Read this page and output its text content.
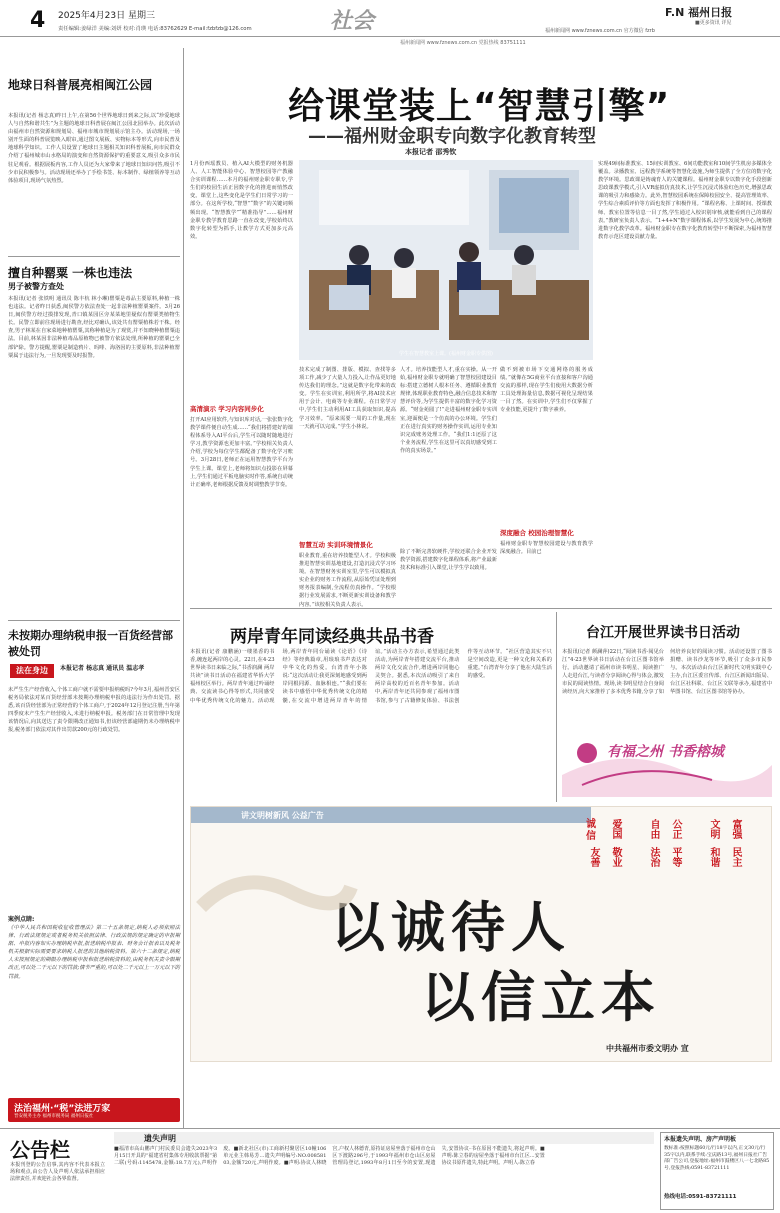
4 2025年4月23日 星期三
责任编辑:姜绿洋 美编:刘妍 校对:肖瑛 电话:83762629 E-mail:fzbfzb@126.com	社会	F.N 福州日报
■更多资讯 详见
福州新闻网 www.fznews.com.cn 官方微信 fzrb
福州新闻网 www.fznews.com.cn 党报热线 83751111
地球日科普展亮相闽江公园
本报讯(记者 杨志真)昨日上午,在第56个世界地球日到来之际,以“珍爱地球 人与自然和谐共生”为主题的地球日科普展在闽江公园北园举办。此次活动由福州市自然资源和规划局、福州市城市规划展示馆主办。活动现场,一场别开生面的科普展览映入眼帘,通过图文展板、实物标本等形式,向市民普及地球科学知识。工作人员设置了地球日主题相关知识科普展板,向市民群众介绍了福州城市山水格局的演变和自然资源保护的重要意义,吸引众多市民驻足观看。根据展板内容,工作人员还为大家带来了地球日知识问答,吸引不少市民积极参与。活动现场还举办了手绘书签、标本制作、绿植领养等互动体验项目,现场气氛热烈。
擅自种罂粟 一株也违法
男子被警方查处
本报讯(记者 张铁明 通讯员 陈丰杭 林小琳)罂粟是毒品主要原料,种植一株也违法。记者昨日获悉,闽侯警方依法查处一起非法种植罂粟案件。3月26日,闽侯警方经过摸排发现,青口镇某园区旁某菜地里疑似有罂粟类植物生长。民警立即前往现场进行勘查,经比对确认,该处共有罂粟植株若干株。经查,男子林某在自家菜地种植罂粟,其称种植是为了观赏,并不知晓种植罂粟违法。目前,林某因非法种植毒品原植物已被警方依法处理,所种植的罂粟已全部铲除。警方提醒,罂粟是制造鸦片、吗啡、海洛因的主要原料,非法种植罂粟属于违法行为,一旦发现要及时报警。
未按期办理纳税申报一百货经营部被处罚
法在身边	本报记者 杨志真 通讯员 温志孝
未严生生产经营收入,个体工商户就不需要申报纳税吗?今年3月,福州晋安区税务局依法对某百货经营部未按期办理纳税申报的违法行为作出处罚。据悉,该百货经营部为正常经营的个体工商户,于2024年12月登记注册,当年第四季度未产生生产经营收入,未进行纳税申报。税务部门在日常管理中发现该情况后,向其送达了责令限期改正通知书,但该经营部逾期仍未办理纳税申报,税务部门依法对其作出罚款200元的行政处罚。
案例点睛:
《中华人民共和国税收征收管理法》第二十五条规定,纳税人必须依照法律、行政法规规定或者税务机关依照法律、行政法规的规定确定的申报期限、申报内容如实办理纳税申报,报送纳税申报表、财务会计报表以及税务机关根据实际需要要求纳税人报送的其他纳税资料。第六十二条规定,纳税人未按照规定的期限办理纳税申报和报送纳税资料的,由税务机关责令限期改正,可以处二千元以下的罚款;情节严重的,可以处二千元以上一万元以下的罚款。
法治福州·“税”法进万家
晋安税务主办 福州市税务局 福州日报社
给课堂装上“智慧引擎”
——福州财金职专向数字化教育转型
本报记者 邵秀钦
1月份西瑶教员、植入AI大模型的财务机器人、人工智能体验中心、智慧校园等产教融合实训课程……本月的福州财金职专职专,学生们的校园生活正因数字化的推进而悄然改变。课堂上,这些变化是学生们日常学习的一部分。在这所学校,“智慧”“数字”的关键词频频出现。“智慧教学”“精准指导”……福州财金职专教学教育思路一直在改变,学校始终以数字化转型为抓手,让教学方式更加多元高效。
高清演示 学习内容同步化
打开AI应用软件,与知识库对话,一张张数字化教学课件便自动生成……“我们将搭建好的课程体系导入AI平台后,学生可以随时随地进行学习,教学资源也更加丰富。”学校相关负责人介绍,学校为每位学生都配备了数字化学习账号。3月28日,老师正在运用智慧教学平台为学生上课。课堂上,老师将知识点投影在屏幕上,学生们通过平板电脑实时作答,系统自动统计正确率,老师根据反馈及时调整教学节奏。
学生在智慧教室上课。(福州财金职专供图)
技术完成了制图、排版、模拟、查找等多项工作,减少了大量人力投入,让作品更好地传达我们的理念。”这就是数字化带来的改变。学生在实训室,利用所学,将AI技术应用于会计、电商等专业课程。在日常学习中,学生们主动利用AI工具获取知识,提高学习效率。“原来需要一周的工作量,现在一天就可以完成。”学生小林说。
智慧互动 实训环境情景化
职业教育,重在培养技能型人才。学校积极推进智慧实训基地建设,打造沉浸式学习环境。在智慧财务实训室里,学生可以模拟真实企业的财务工作流程,从原始凭证处理到财务报表编制,全流程仿真操作。“学校根据行业发展需求,不断更新实训设备和教学内容。”该校相关负责人表示。
人才。培养技能型人才,重在实操。从一开始,福州财金职专就明确了智慧校园建设目标:搭建立德树人根本任务、遵循职业教育规律,体现职业教育特色,融合信息技术和智慧评价等,为学生提供丰富的数字化学习资源。“财金苑圆了!”走进福州财金职专实训室,迎面便是一个仿真的办公环境。学生们正在进行真实的财务操作实训,运用专业知识完成账务处理工作。“我们1:1还原了这个业务流程,学生在这里可以真切感受到工作的真实场景。”
除了不断完善软硬件,学校还联合企业开发教学资源,搭建数字化课程体系,将产业最新技术和标准引入课堂,让学生学以致用。
做不到被市场下交通网络的服务成绩。”就像在5G商业平台直接和客户沟通交流的那样,现在学生们使用大数据分析工具处理海量信息,数据可视化呈现结果一目了然。在实训中,学生们不仅掌握了专业技能,更提升了数字素养。
深度融合 校园治理智慧化
福州财金职专智慧校园建设与教育教学深度融合。目前已
实现49间标准教室、15间实训教室、6间功能教室和10间学生机房多媒体全覆盖。录播教室、远程教学系统等智慧化设施,为师生提供了全方位的数字化教学环境。思政课是铸魂育人的关键课程。福州财金职专以数字化手段创新思政课教学模式,引入VR虚拟仿真技术,让学生沉浸式体验红色历史,增强思政课的吸引力和感染力。此外,智慧校园系统在保障校园安全、提高管理效率、学生综合素质评价等方面也发挥了积极作用。“课程名称、上课时间、授课教师、教室位置等信息一目了然,学生通过入校识别审核,就能看到自己的课程表。”教研室负责人表示。“1+4+N”数字课程体系,以学生发展为中心,统筹推进数字化教学改革。福州财金职专在数字化教育转型中不断探索,为福州智慧教育示范区建设贡献力量。
两岸青年同读经典共品书香
本报讯(记者 康鹏涵)一缕墨香的书香,缠连起两岸的心灵。22日,在4·23世界读书日来临之际,“书香润澜 两岸共读”读书日活动在福建省华侨大学福州校区举行。两岸青年通过吟诵经典、交流读书心得等形式,共同感受中华优秀传统文化的魅力。活动现场,两岸青年同台诵读《论语》《诗经》等经典篇章,用琅琅书声表达对中华文化的热爱。台湾青年小陈说:“这次活动让我更深刻地感受到两岸同根同源、血脉相连。”“我们要在读书中感悟中华优秀传统文化的精髓,在交流中增进两岸青年的情谊。”活动主办方表示,希望通过此类活动,为两岸青年搭建交流平台,推动两岸文化交流合作,增进两岸同胞心灵契合。据悉,本次活动吸引了来自两岸高校的近百名青年参加。活动中,两岸青年还共同参观了福州市图书馆,参与了古籍修复体验、书法创作等互动环节。“社区营造其实不只是空间改造,更是一种文化和关系的重建。”台湾青年分享了他在大陆生活的感受。
台江开展世界读书日活动
本报讯(记者 颜澜萍)22日,“阅读书香·阅见台江”4·23世界读书日活动在台江区图书馆举行。活动邀请了福州市读书明星、阅读推广人走进台江,与读者分享阅读心得与体会,激发市民的阅读热情。现场,读书明星结合自身阅读经历,向大家推荐了多本优秀书籍,分享了如何培养良好的阅读习惯。活动还设置了图书捐赠、读书沙龙等环节,吸引了众多市民参与。本次活动由台江区新时代文明实践中心主办,台江区委宣传部、台江区新闻出版局、台江区社科联、台江区文联等承办,福建省中华图书馆、台江区图书馆等协办。
有福之州 书香榕城
讲文明树新风 公益广告
诚信	爱国
友善 敬业
自由 公正
法治 平等
文明 富强
和谐 民主
以诚待人
以信立本
中共福州市委文明办 宣
公告栏
本报刊登的公告启事,其内容不代表本报立场和观点,由公告人及声明人依法承担相应法律责任,并欢迎社会各界监督。
遗失声明
■福清市高山鹏声门村民委员会遗失2023年3月15日开具的“福建省村集体专用收款票据”第二联(号码:1145478,金额:18.7万元),声明作废。■新北社区(市)工商新村聚居区10幢106单元业主韩易芳…遗失声明编号:NO.00858103,金额720元,声明作废。■声明:协议人林晓宫,户权人林德青,原持证房屋坐落于福州市仓山区下渡路296号,于1993年福州市仓山区房屋管理局登记,1993年8月1日至今的安置,现遗失,安置协议-书在原因不能遗失,将起声明。■声明:陈立春的房屋坐落于福州市台江区...安置协议书原件遗失,特此声明。声明人:陈立春
本报遗失声明、房产声明板
数标准:按照标题60元/行18字以内,正文30元/行35字以内,联系手续:宝庆路13号,福州日报社广告部广告公司,登报地址:福州市鼓楼区八一七北路85号,登报热线:0591-83721111
热线电话:0591-83721111
